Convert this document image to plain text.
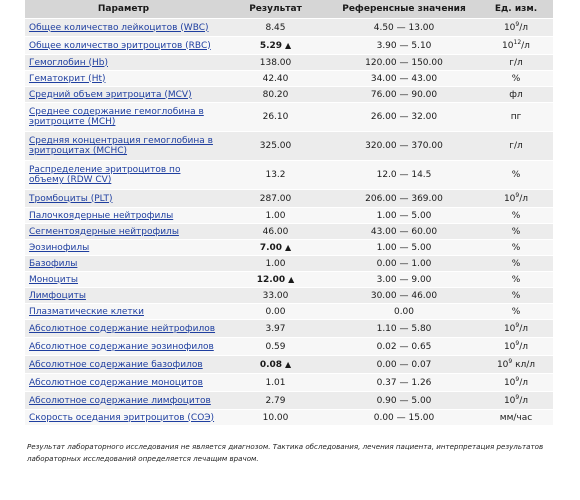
Параметр	Результат	Референсные значения	Ед. изм.
Общее количество лейкоцитов (WBC)	8.45	4.50 — 13.00	$10^9/л$
Общее количество эритроцитов (RBC)	5.29 ▲	3.90 — 5.10	$10^{12}/л$
Гемоглобин (Hb)	138.00	120.00 — 150.00	г/л
Гематокрит (Ht)	42.40	34.00 — 43.00	%
Средний объем эритроцита (MCV)	80.20	76.00 — 90.00	фл
Среднее содержание гемоглобина в эритроците (MCH)	26.10	26.00 — 32.00	пг
Средняя концентрация гемоглобина в эритроцитах (MCHC)	325.00	320.00 — 370.00	г/л
Распределение эритроцитов по объему (RDW CV)	13.2	12.0 — 14.5	%
Тромбоциты (PLT)	287.00	206.00 — 369.00	$10^9/л$
Палочкоядерные нейтрофилы	1.00	1.00 — 5.00	%
Сегментоядерные нейтрофилы	46.00	43.00 — 60.00	%
Эозинофилы	7.00 ▲	1.00 — 5.00	%
Базофилы	1.00	0.00 — 1.00	%
Моноциты	12.00 ▲	3.00 — 9.00	%
Лимфоциты	33.00	30.00 — 46.00	%
Плазматические клетки	0.00	0.00	%
Абсолютное содержание нейтрофилов	3.97	1.10 — 5.80	$10^9/л$
Абсолютное содержание эозинофилов	0.59	0.02 — 0.65	$10^9/л$
Абсолютное содержание базофилов	0.08 ▲	0.00 — 0.07	$10^9$ кл/л
Абсолютное содержание моноцитов	1.01	0.37 — 1.26	$10^9/л$
Абсолютное содержание лимфоцитов	2.79	0.90 — 5.00	$10^9/л$
Скорость оседания эритроцитов (СОЭ)	10.00	0.00 — 15.00	мм/час
Результат лабораторного исследования не является диагнозом. Тактика обследования, лечения пациента, интерпретация результатов лабораторных исследований определяется лечащим врачом.
